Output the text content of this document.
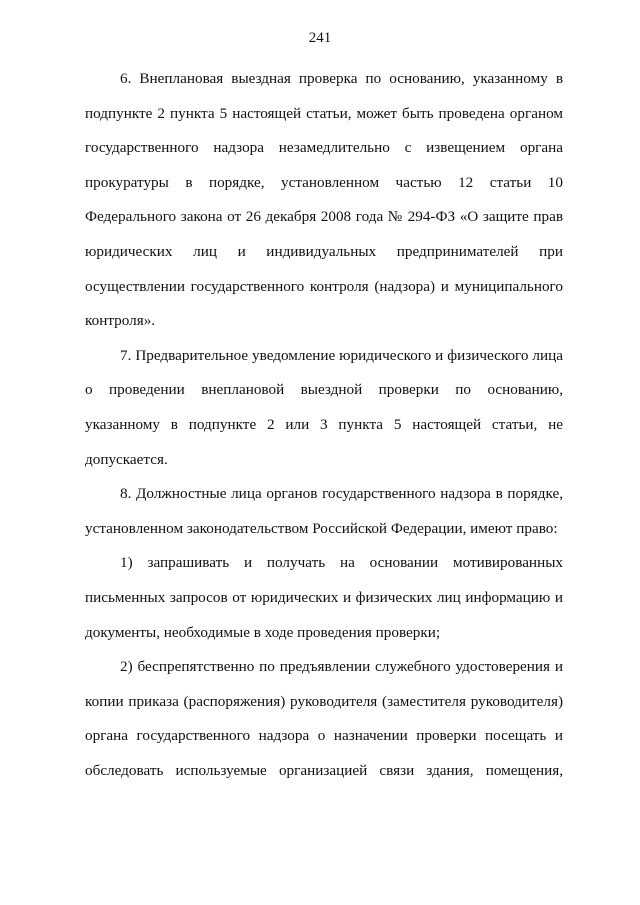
241
6. Внеплановая выездная проверка по основанию, указанному в
подпункте 2 пункта 5 настоящей статьи, может быть проведена органом
государственного надзора незамедлительно с извещением органа
прокуратуры в порядке, установленном частью 12 статьи 10
Федерального закона от 26 декабря 2008 года № 294-ФЗ «О защите прав
юридических лиц и индивидуальных предпринимателей при
осуществлении государственного контроля (надзора) и муниципального
контроля».
7. Предварительное уведомление юридического и физического лица
о проведении внеплановой выездной проверки по основанию,
указанному в подпункте 2 или 3 пункта 5 настоящей статьи, не
допускается.
8. Должностные лица органов государственного надзора в порядке,
установленном законодательством Российской Федерации, имеют право:
1) запрашивать и получать на основании мотивированных
письменных запросов от юридических и физических лиц информацию и
документы, необходимые в ходе проведения проверки;
2) беспрепятственно по предъявлении служебного удостоверения и
копии приказа (распоряжения) руководителя (заместителя руководителя)
органа государственного надзора о назначении проверки посещать и
обследовать используемые организацией связи здания, помещения,
